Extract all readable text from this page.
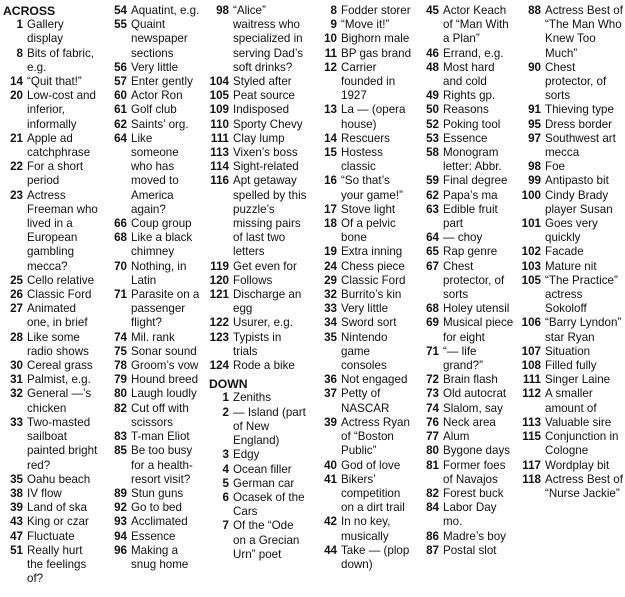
ACROSS
1 Gallery display
8 Bits of fabric, e.g.
14 “Quit that!”
20 Low-cost and inferior, informally
21 Apple ad catchphrase
22 For a short period
23 Actress Freeman who lived in a European gambling mecca?
25 Cello relative
26 Classic Ford
27 Animated one, in brief
28 Like some radio shows
30 Cereal grass
31 Palmist, e.g.
32 General —’s chicken
33 Two-masted sailboat painted bright red?
35 Oahu beach
38 IV flow
39 Land of ska
43 King or czar
47 Fluctuate
51 Really hurt the feelings of?
54 Aquatint, e.g.
55 Quaint newspaper sections
56 Very little
57 Enter gently
60 Actor Ron
61 Golf club
62 Saints’ org.
64 Like someone who has moved to America again?
66 Coup group
68 Like a black chimney
70 Nothing, in Latin
71 Parasite on a passenger flight?
74 Mil. rank
75 Sonar sound
78 Groom’s vow
79 Hound breed
80 Laugh loudly
82 Cut off with scissors
83 T-man Eliot
85 Be too busy for a health-resort visit?
89 Stun guns
92 Go to bed
93 Acclimated
94 Essence
96 Making a snug home
98 “Alice” waitress who specialized in serving Dad’s soft drinks?
104 Styled after
105 Peat source
109 Indisposed
110 Sporty Chevy
111 Clay lump
113 Vixen’s boss
114 Sight-related
116 Apt getaway spelled by this puzzle’s missing pairs of last two letters
119 Get even for
120 Follows
121 Discharge an egg
122 Usurer, e.g.
123 Typists in trials
124 Rode a bike
DOWN
1 Zeniths
2 — Island (part of New England)
3 Edgy
4 Ocean filler
5 German car
6 Ocasek of the Cars
7 Of the “Ode on a Grecian Urn” poet
8 Fodder storer
9 “Move it!”
10 Bighorn male
11 BP gas brand
12 Carrier founded in 1927
13 La — (opera house)
14 Rescuers
15 Hostess classic
16 “So that’s your game!”
17 Stove light
18 Of a pelvic bone
19 Extra inning
24 Chess piece
29 Classic Ford
32 Burrito’s kin
33 Very little
34 Sword sort
35 Nintendo game consoles
36 Not engaged
37 Petty of NASCAR
39 Actress Ryan of “Boston Public”
40 God of love
41 Bikers’ competition on a dirt trail
42 In no key, musically
44 Take — (plop down)
45 Actor Keach of “Man With a Plan”
46 Errand, e.g.
48 Most hard and cold
49 Rights gp.
50 Reasons
52 Poking tool
53 Essence
58 Monogram letter: Abbr.
59 Final degree
62 Papa’s ma
63 Edible fruit part
64 — choy
65 Rap genre
67 Chest protector, of sorts
68 Holey utensil
69 Musical piece for eight
71 “— life grand?”
72 Brain flash
73 Old autocrat
74 Slalom, say
76 Neck area
77 Alum
80 Bygone days
81 Former foes of Navajos
82 Forest buck
84 Labor Day mo.
86 Madre’s boy
87 Postal slot
88 Actress Best of “The Man Who Knew Too Much”
90 Chest protector, of sorts
91 Thieving type
95 Dress border
97 Southwest art mecca
98 Foe
99 Antipasto bit
100 Cindy Brady player Susan
101 Goes very quickly
102 Facade
103 Mature nit
105 “The Practice” actress Sokoloff
106 “Barry Lyndon” star Ryan
107 Situation
108 Filled fully
111 Singer Laine
112 A smaller amount of
113 Valuable sire
115 Conjunction in Cologne
117 Wordplay bit
118 Actress Best of “Nurse Jackie”
